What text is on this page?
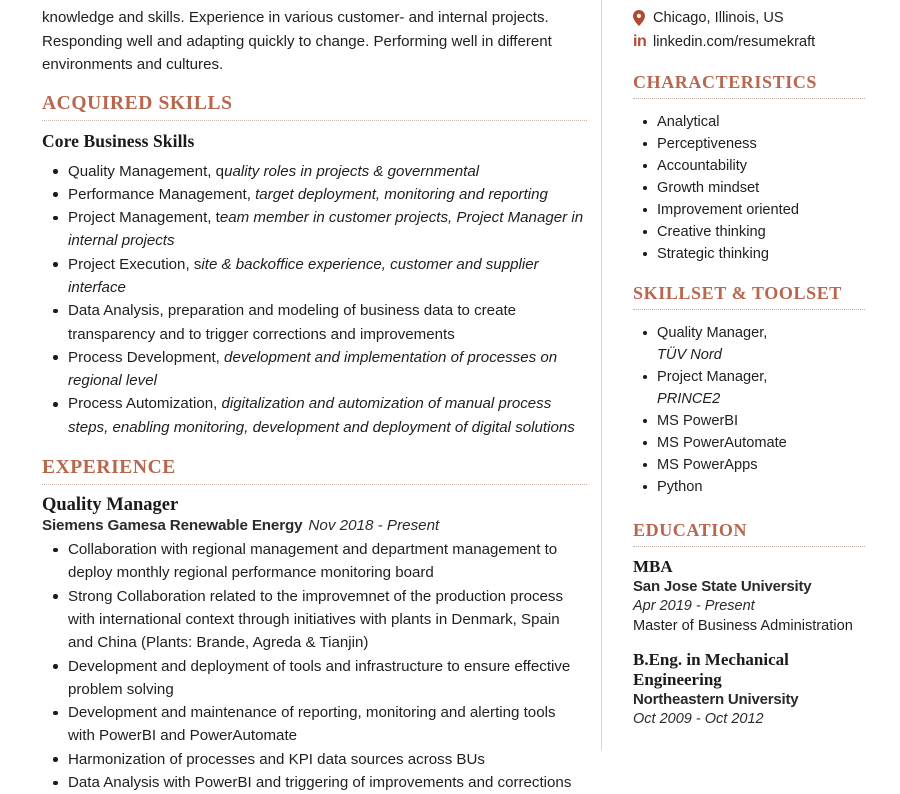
knowledge and skills. Experience in various customer- and internal projects. Responding well and adapting quickly to change. Performing well in different environments and cultures.
ACQUIRED SKILLS
Core Business Skills
Quality Management, quality roles in projects & governmental
Performance Management, target deployment, monitoring and reporting
Project Management, team member in customer projects, Project Manager in internal projects
Project Execution, site & backoffice experience, customer and supplier interface
Data Analysis, preparation and modeling of business data to create transparency and to trigger corrections and improvements
Process Development, development and implementation of processes on regional level
Process Automization, digitalization and automization of manual process steps, enabling monitoring, development and deployment of digital solutions
EXPERIENCE
Quality Manager
Siemens Gamesa Renewable Energy Nov 2018 - Present
Collaboration with regional management and department management to deploy monthly regional performance monitoring board
Strong Collaboration related to the improvemnet of the production process with international context through initiatives with plants in Denmark, Spain and China (Plants: Brande, Agreda & Tianjin)
Development and deployment of tools and infrastructure to ensure effective problem solving
Development and maintenance of reporting, monitoring and alerting tools with PowerBI and PowerAutomate
Harmonization of processes and KPI data sources across BUs
Data Analysis with PowerBI and triggering of improvements and corrections
Chicago, Illinois, US
in linkedin.com/resumekraft
CHARACTERISTICS
Analytical
Perceptiveness
Accountability
Growth mindset
Improvement oriented
Creative thinking
Strategic thinking
SKILLSET & TOOLSET
Quality Manager,
TÜV Nord
Project Manager,
PRINCE2
MS PowerBI
MS PowerAutomate
MS PowerApps
Python
EDUCATION
MBA
San Jose State University
Apr 2019 - Present
Master of Business Administration
B.Eng. in Mechanical Engineering
Northeastern University
Oct 2009 - Oct 2012
